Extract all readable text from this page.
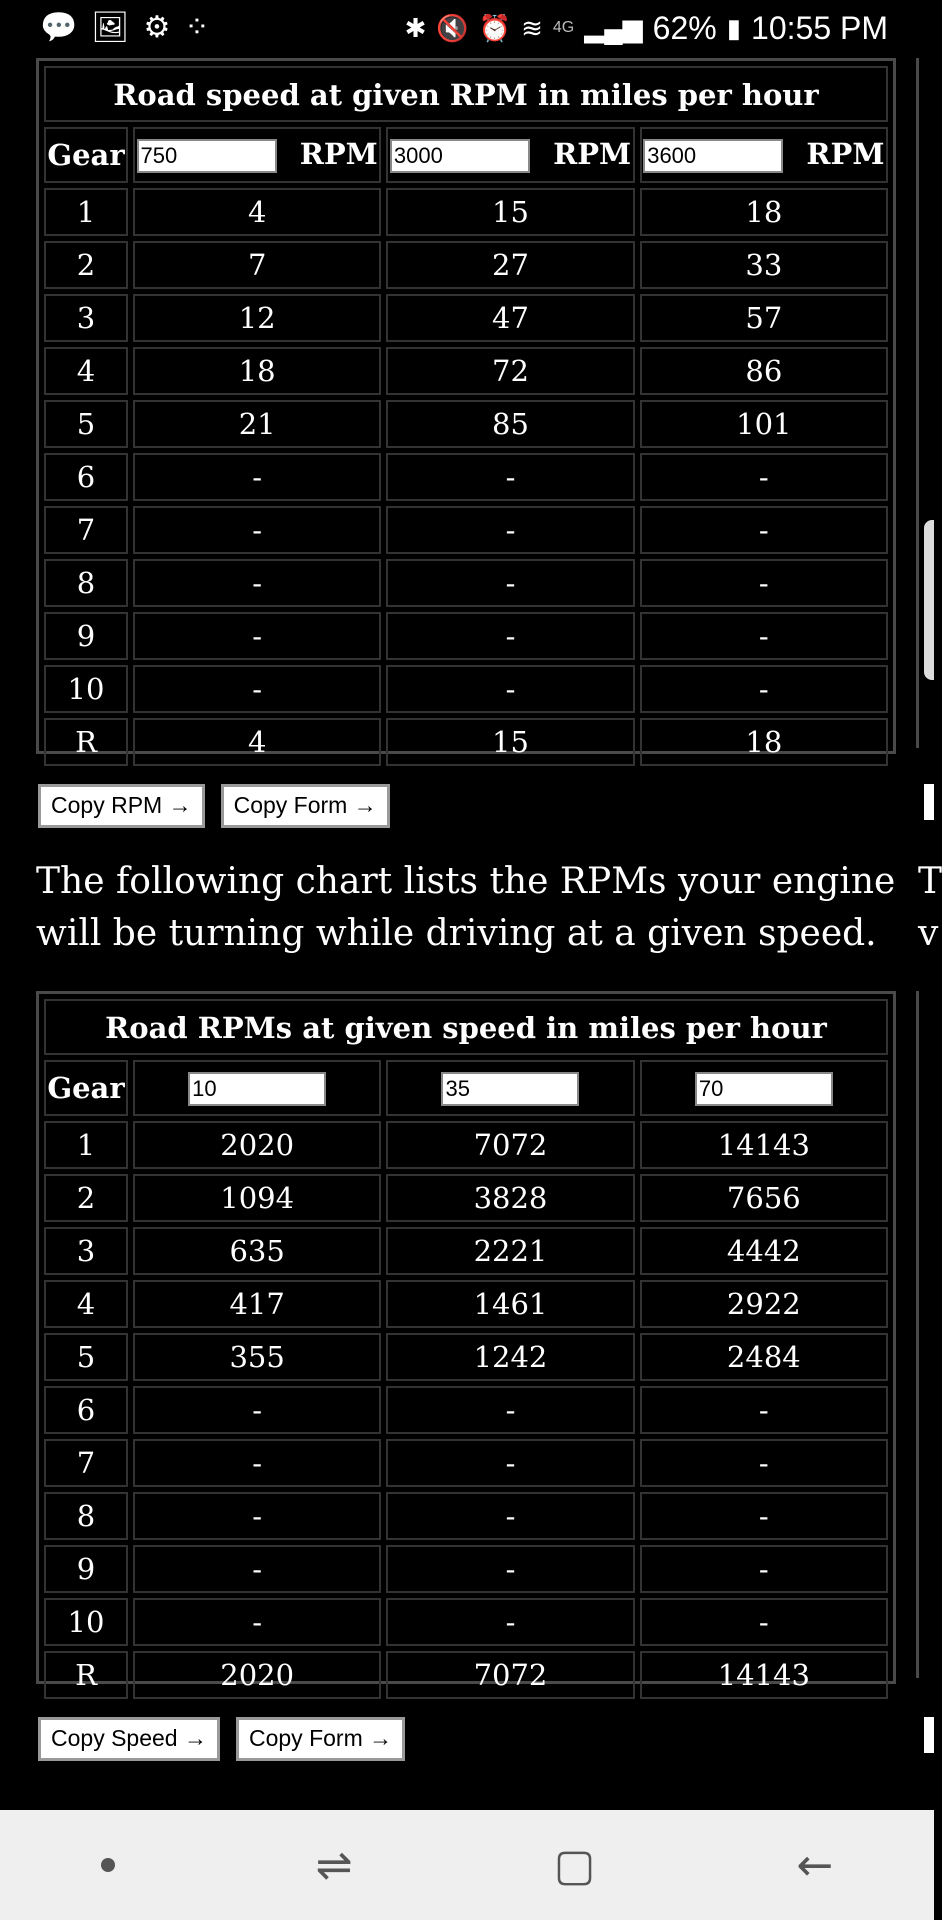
💬 🖼 ⚙ ⁘	✱ 🔇 ⏰ ≋ 4G ▂▄▆ 62% ▮ 10:55 PM
Road speed at given RPM in miles per hour
Gear	750RPM	3000RPM	3600RPM
1	4	15	18
2	7	27	33
3	12	47	57
4	18	72	86
5	21	85	101
6	-	-	-
7	-	-	-
8	-	-	-
9	-	-	-
10	-	-	-
R	4	15	18
Copy RPM →	Copy Form →
The following chart lists the RPMs your engine will be turning while driving at a given speed.
T
v
Road RPMs at given speed in miles per hour
Gear	10	35	70
1	2020	7072	14143
2	1094	3828	7656
3	635	2221	4442
4	417	1461	2922
5	355	1242	2484
6	-	-	-
7	-	-	-
8	-	-	-
9	-	-	-
10	-	-	-
R	2020	7072	14143
Copy Speed →	Copy Form →
⇌	▢	←
